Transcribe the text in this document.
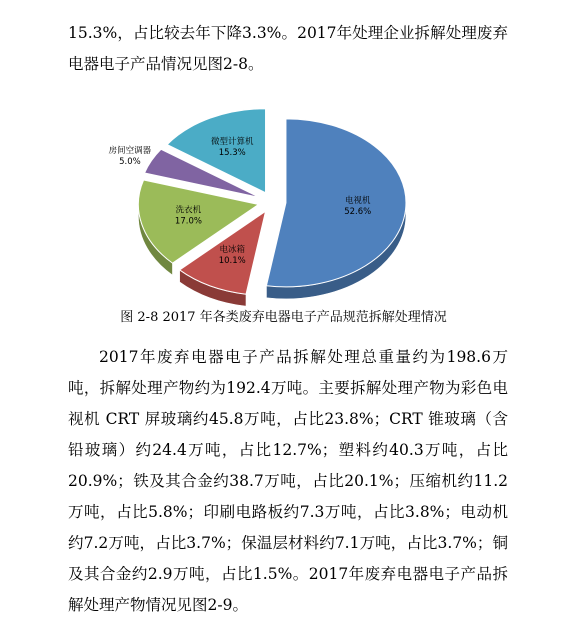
15.3%，占比较去年下降3.3%。2017年处理企业拆解处理废弃电器电子产品情况见图2-8。

电视机
52.6%
电冰箱
10.1%
洗衣机
17.0%
房间空调器
5.0%
微型计算机
15.3%
图 2-8 2017 年各类废弃电器电子产品规范拆解处理情况

2017年废弃电器电子产品拆解处理总重量约为198.6万吨，拆解处理产物约为192.4万吨。主要拆解处理产物为彩色电视机 CRT 屏玻璃约45.8万吨，占比23.8%；CRT 锥玻璃（含铅玻璃）约24.4万吨，占比12.7%；塑料约40.3万吨，占比20.9%；铁及其合金约38.7万吨，占比20.1%；压缩机约11.2万吨，占比5.8%；印刷电路板约7.3万吨，占比3.8%；电动机约7.2万吨，占比3.7%；保温层材料约7.1万吨，占比3.7%；铜及其合金约2.9万吨，占比1.5%。2017年废弃电器电子产品拆解处理产物情况见图2-9。
